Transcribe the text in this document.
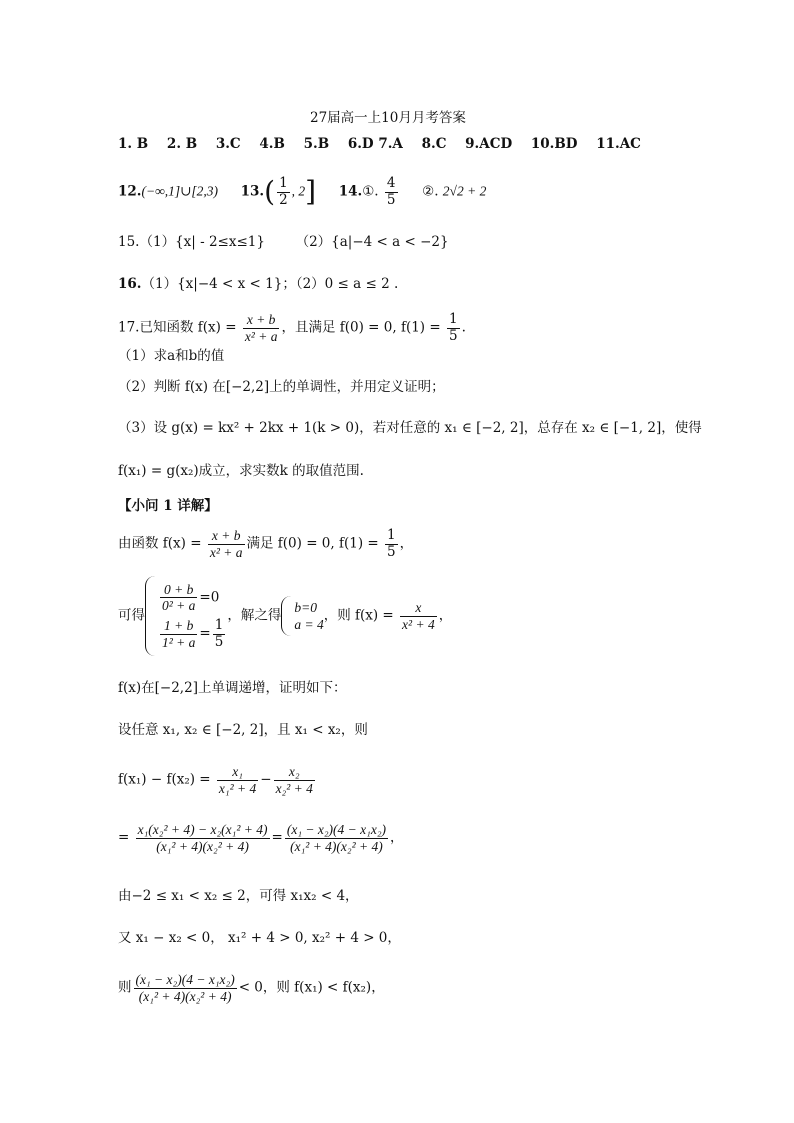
27届高一上10月月考答案
1. B 2. B 3.C 4.B 5.B 6.D 7.A 8.C 9.ACD 10.BD 11.AC
12.(−∞,1]∪[2,3) $13.( \frac{1}{2}$ , 2] 14.①. $\frac{4}{5}$ ②. 2√2 + 2
15.（1）{x| - 2≤x≤1} （2）{a|−4 < a < −2}
16.（1）{x|−4 < x < 1}；（2）0 ≤ a ≤ 2 .
17.已知函数 $f(x) = \frac{x + b}{\text{x² + a}}$ ，且满足 f(0) = 0, $f(1) = \frac{1}{5}$ .
（1）求a和b的值
（2）判断 f(x) 在[−2,2]上的单调性，并用定义证明；
（3）设 g(x) = kx² + 2kx + 1(k > 0)，若对任意的 x₁ ∈ [−2, 2]，总存在 x₂ ∈ [−1, 2]，使得
f(x₁) = g(x₂)成立，求实数k 的取值范围.
【小问 1 详解】
由函数 $f(x) = \frac{x + b}{\text{x² + a}}$ 满足 f(0) = 0, $f(1) = \frac{1}{5}$ ，
可得
$\frac{0 + b}{\text{0² + a}} =0$
$\frac{1 + b}{\text{1² + a}} = \frac{1}{5}$
，解之得
b=0
a = 4
，则 $f(x) = \frac{x}{\text{x² + 4}}$ ，
f(x)在[−2,2]上单调递增，证明如下：
设任意 x₁, x₂ ∈ [−2, 2]，且 x₁ < x₂，则
$f(x_1) - f(x_2) = \frac{\text{x₁}}{\text{x₁² + 4}} - \frac{\text{x₂}}{\text{x₂² + 4}}$
= $\frac{\text{x₁(x₂² + 4) − x₂(x₁² + 4)}}{\text{(x₁² + 4)(x₂² + 4)}} = \frac{\text{(x₁ − x₂)(4 − x₁x₂)}}{\text{(x₁² + 4)(x₂² + 4)}}$ ，
由−2 ≤ x₁ < x₂ ≤ 2，可得 x₁x₂ < 4，
又 x₁ − x₂ < 0， x₁² + 4 > 0, x₂² + 4 > 0，
则 $\frac{\text{(x₁ − x₂)(4 − x₁x₂)}}{\text{(x₁² + 4)(x₂² + 4)}} < 0$，则 f(x₁) < f(x₂)，
